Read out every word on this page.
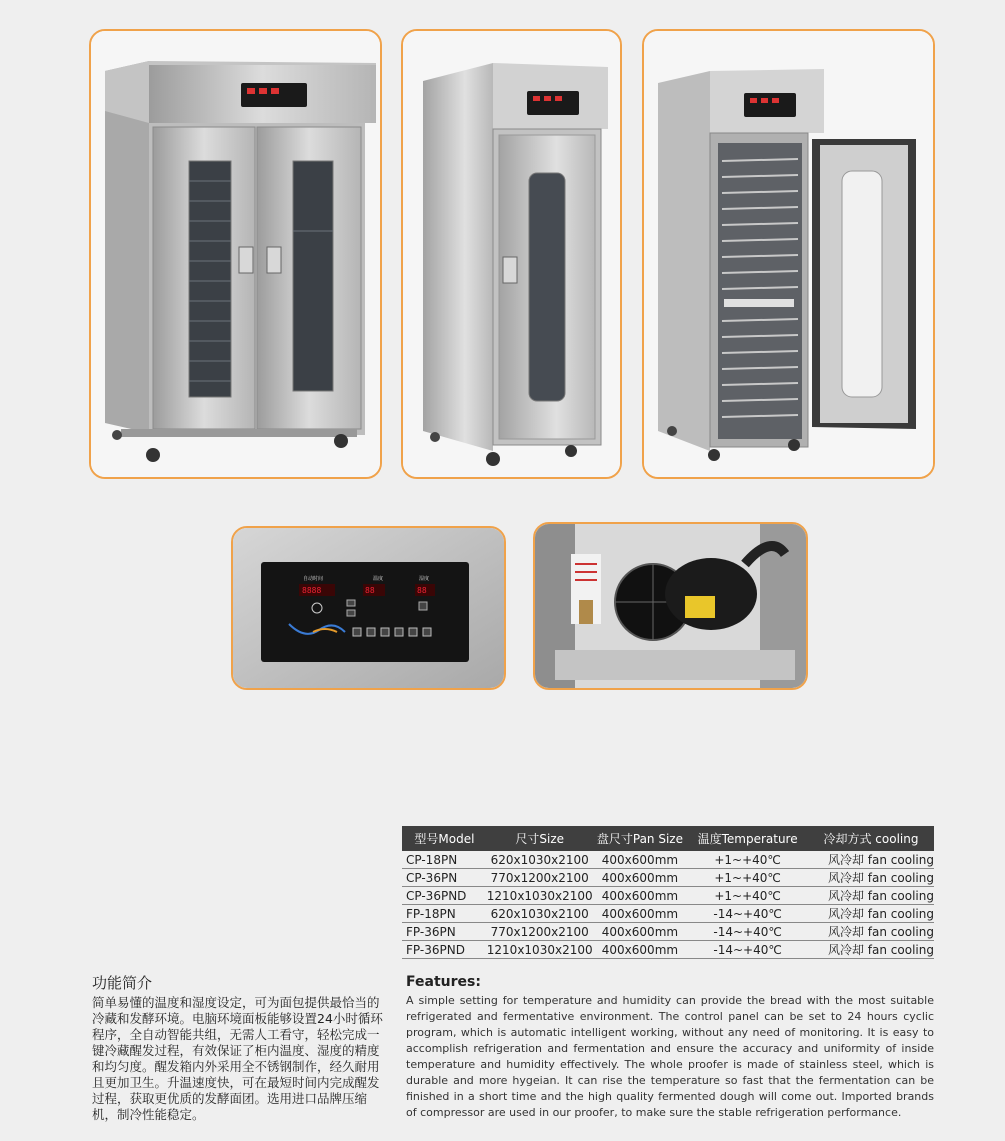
自动时间	温度	湿度
8888	88	88
型号Model	尺寸Size	盘尺寸Pan Size	温度Temperature	冷却方式 cooling
CP-18PN	620x1030x2100	400x600mm	+1~+40℃	风冷却 fan cooling
CP-36PN	770x1200x2100	400x600mm	+1~+40℃	风冷却 fan cooling
CP-36PND	1210x1030x2100	400x600mm	+1~+40℃	风冷却 fan cooling
FP-18PN	620x1030x2100	400x600mm	-14~+40℃	风冷却 fan cooling
FP-36PN	770x1200x2100	400x600mm	-14~+40℃	风冷却 fan cooling
FP-36PND	1210x1030x2100	400x600mm	-14~+40℃	风冷却 fan cooling
功能简介

简单易懂的温度和湿度设定，可为面包提供最恰当的冷藏和发酵环境。电脑环境面板能够设置24小时循环程序，全自动智能共组，无需人工看守，轻松完成一键冷藏醒发过程，有效保证了柜内温度、湿度的精度和均匀度。醒发箱内外采用全不锈钢制作，经久耐用且更加卫生。升温速度快，可在最短时间内完成醒发过程，获取更优质的发酵面团。选用进口品牌压缩机，制冷性能稳定。

Features:

A simple setting for temperature and humidity can provide the bread with the most suitable refrigerated and fermentative environment. The control panel can be set to 24 hours cyclic program, which is automatic intelligent working, without any need of monitoring. It is easy to accomplish refrigeration and fermentation and ensure the accuracy and uniformity of inside temperature and humidity effectively. The whole proofer is made of stainless steel, which is durable and more hygeian. It can rise the temperature so fast that the fermentation can be finished in a short time and the high quality fermented dough will come out. Imported brands of compressor are used in our proofer, to make sure the stable refrigeration performance.
